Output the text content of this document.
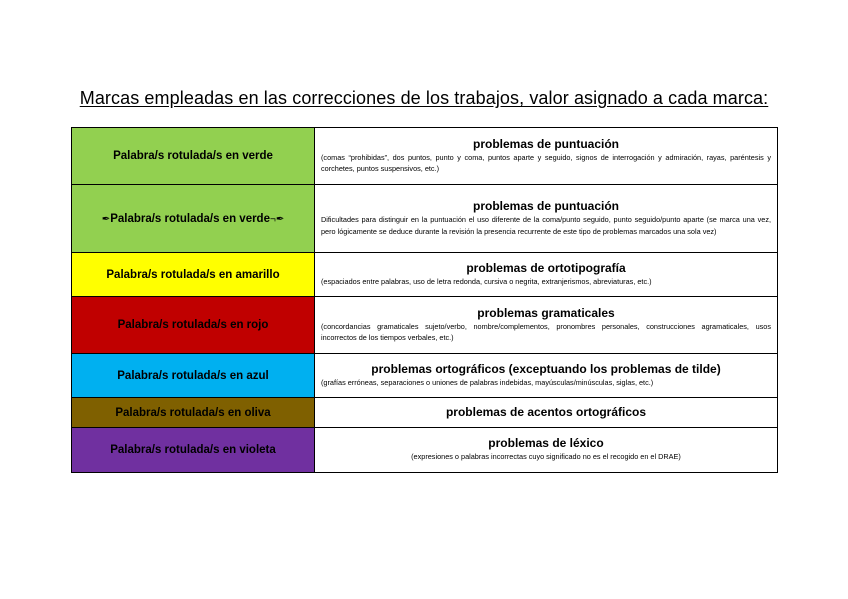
Marcas empleadas en las correcciones de los trabajos, valor asignado a cada marca:
Palabra/s rotulada/s en verde	problemas de puntuación
(comas “prohibidas”, dos puntos, punto y coma, puntos aparte y seguido, signos de interrogación y admiración, rayas, paréntesis y corchetes, puntos suspensivos, etc.)

✒Palabra/s rotulada/s en verde¬✒	problemas de puntuación
Dificultades para distinguir en la puntuación el uso diferente de la coma/punto seguido, punto seguido/punto aparte (se marca una vez, pero lógicamente se deduce durante la revisión la presencia recurrente de este tipo de problemas marcados una sola vez)

Palabra/s rotulada/s en amarillo	problemas de ortotipografía
(espaciados entre palabras, uso de letra redonda, cursiva o negrita, extranjerismos, abreviaturas, etc.)

Palabra/s rotulada/s en rojo	problemas gramaticales
(concordancias gramaticales sujeto/verbo, nombre/complementos, pronombres personales, construcciones agramaticales, usos incorrectos de los tiempos verbales, etc.)

Palabra/s rotulada/s en azul	problemas ortográficos (exceptuando los problemas de tilde)
(grafías erróneas, separaciones o uniones de palabras indebidas, mayúsculas/minúsculas, siglas, etc.)

Palabra/s rotulada/s en oliva	problemas de acentos ortográficos

Palabra/s rotulada/s en violeta	problemas de léxico
(expresiones o palabras incorrectas cuyo significado no es el recogido en el DRAE)
